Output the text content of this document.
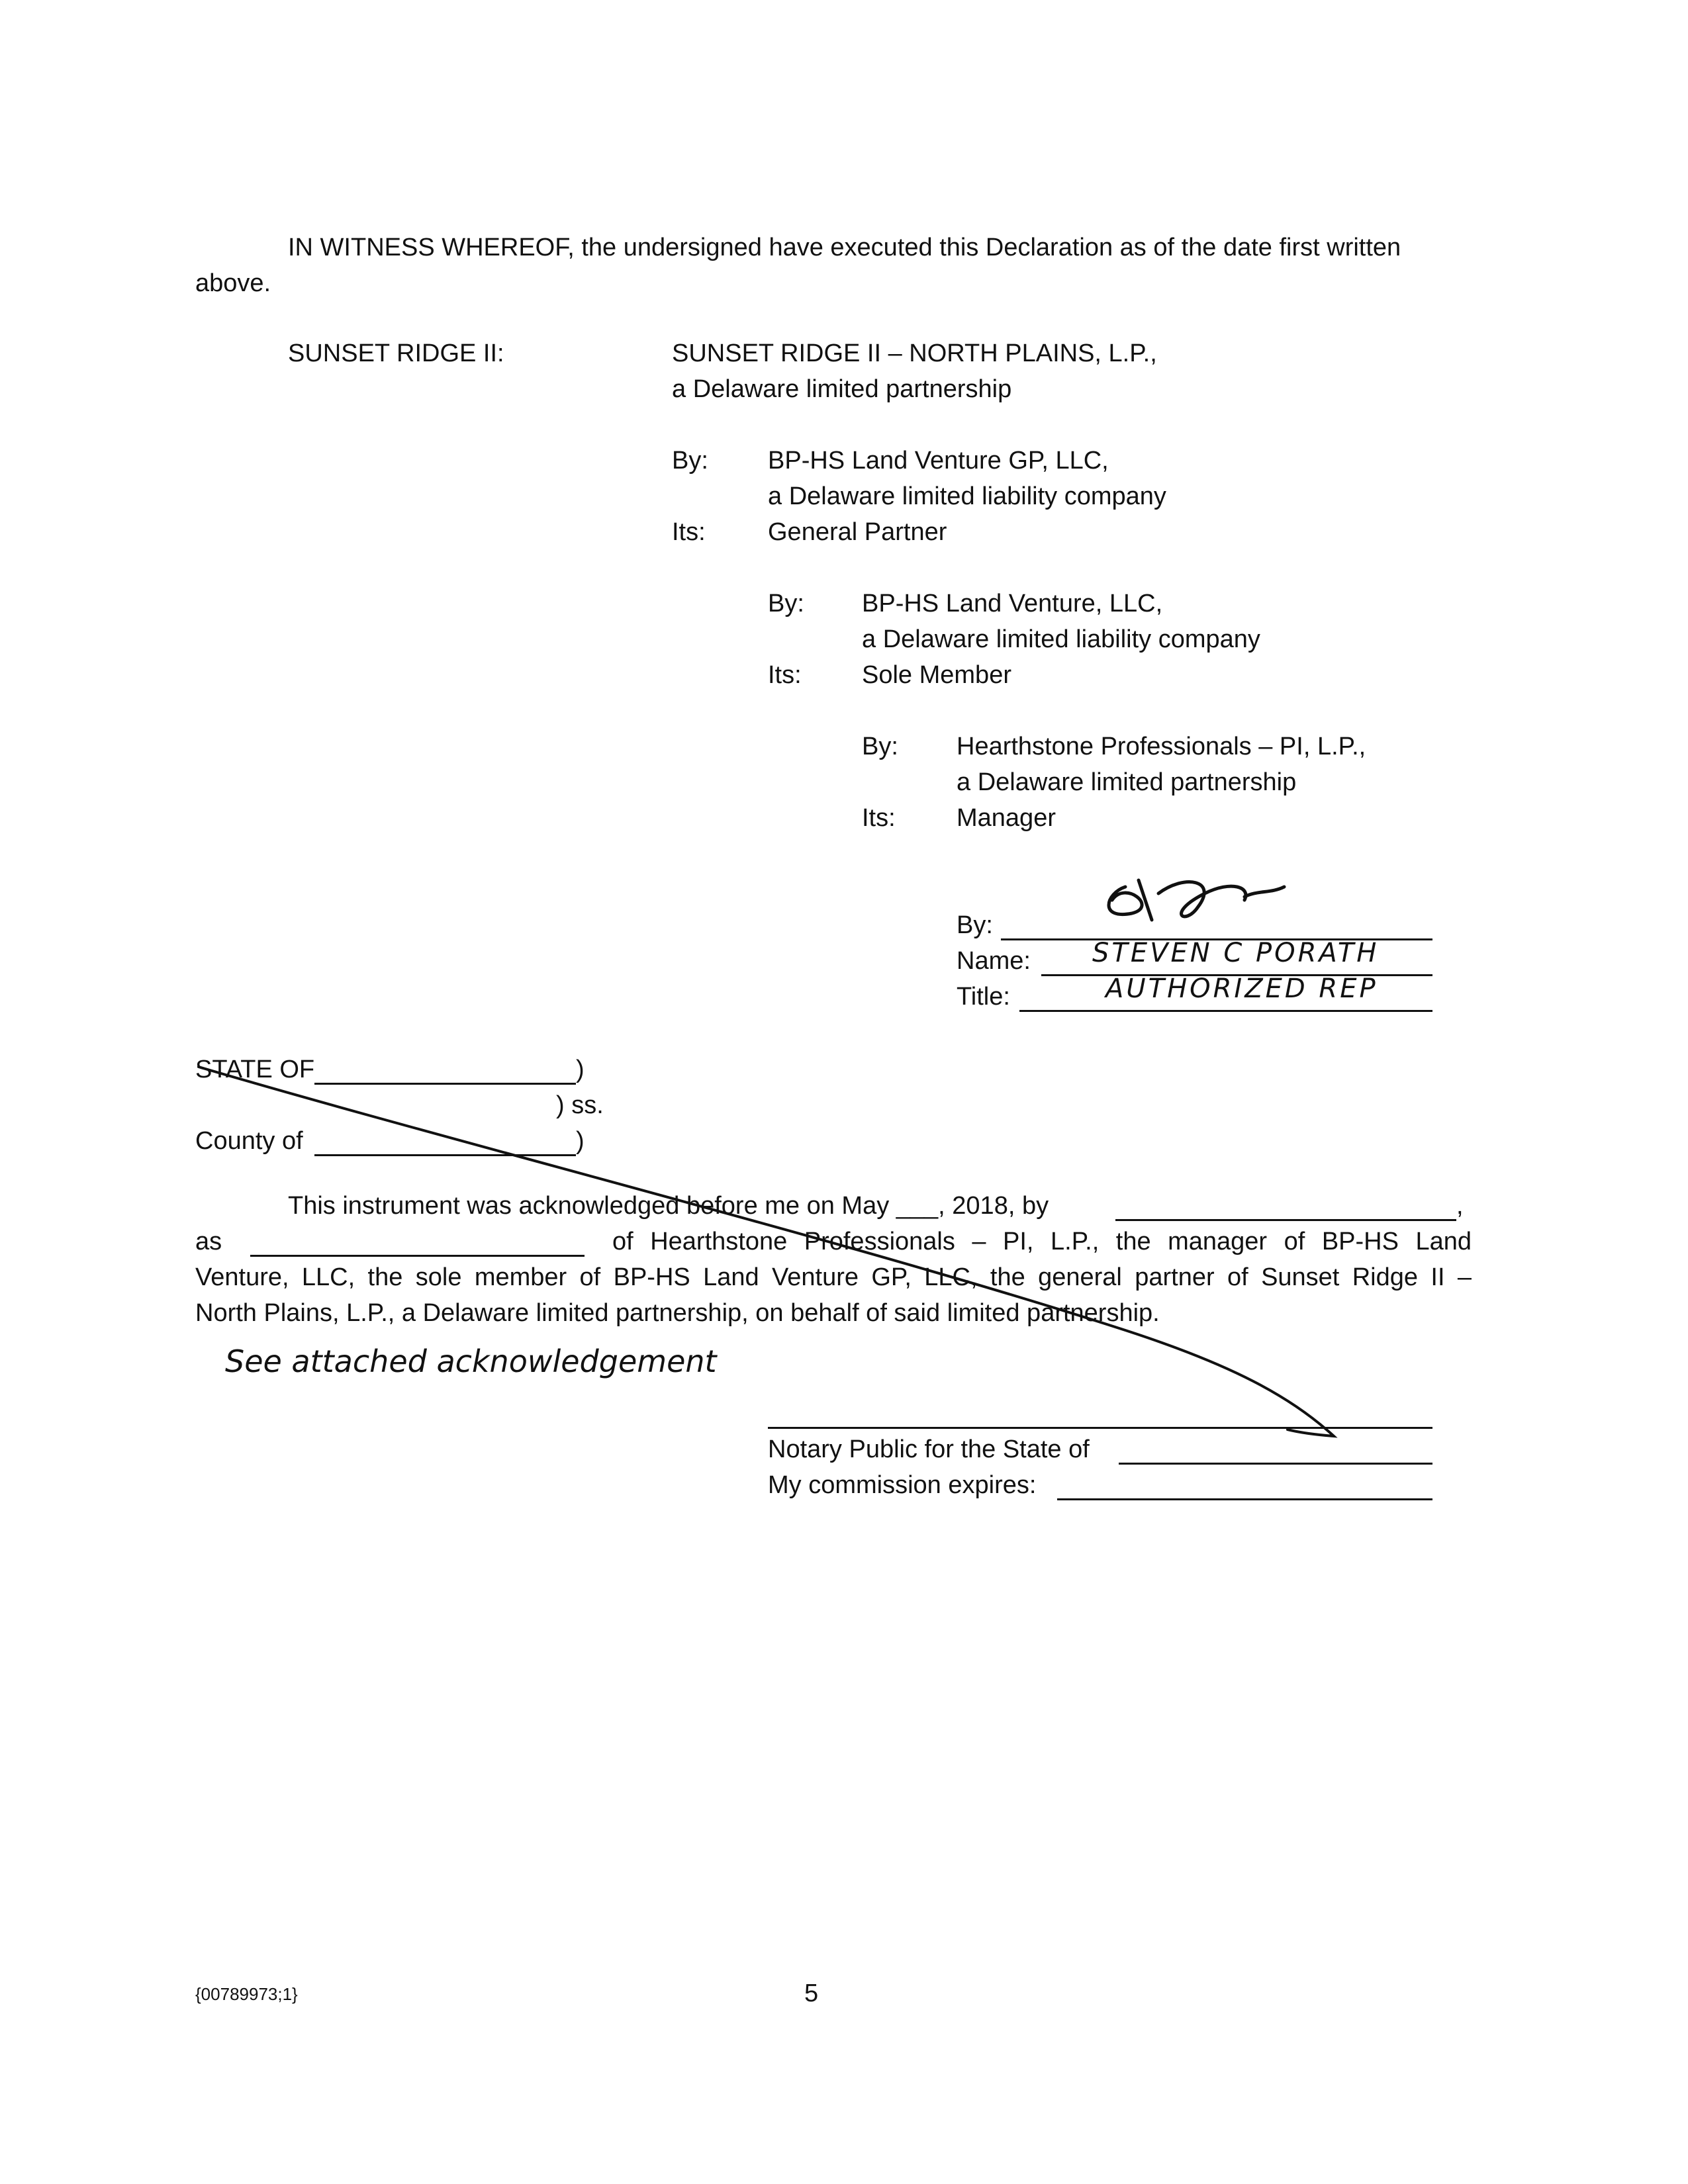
IN WITNESS WHEREOF, the undersigned have executed this Declaration as of the date first written
above.
SUNSET RIDGE II:	SUNSET RIDGE II – NORTH PLAINS, L.P.,
a Delaware limited partnership
By: BP-HS Land Venture GP, LLC,
a Delaware limited liability company
Its: General Partner
By: BP-HS Land Venture, LLC,
a Delaware limited liability company
Its: Sole Member
By: Hearthstone Professionals – PI, L.P.,
a Delaware limited partnership
Its: Manager
By:
Name: STEVEN C PORATH
Title:	AUTHORIZED REP
STATE OF	)
) ss.
County of	)
This instrument was acknowledged before me on May ___, 2018, by	,
as	of Hearthstone Professionals – PI, L.P., the manager of BP-HS Land
Venture, LLC, the sole member of BP-HS Land Venture GP, LLC, the general partner of Sunset Ridge II –
North Plains, L.P., a Delaware limited partnership, on behalf of said limited partnership.
See attached acknowledgement
Notary Public for the State of
My commission expires:
{00789973;1}	5
